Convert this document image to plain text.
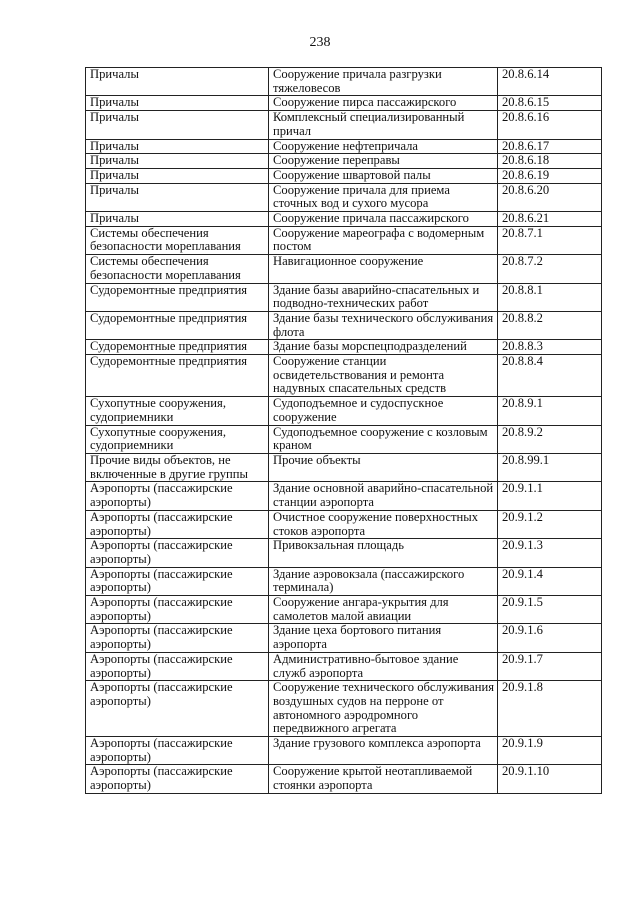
238
Причалы	Сооружение причала разгрузки тяжеловесов	20.8.6.14
Причалы	Сооружение пирса пассажирского	20.8.6.15
Причалы	Комплексный специализированный причал	20.8.6.16
Причалы	Сооружение нефтепричала	20.8.6.17
Причалы	Сооружение переправы	20.8.6.18
Причалы	Сооружение швартовой палы	20.8.6.19
Причалы	Сооружение причала для приема сточных вод и сухого мусора	20.8.6.20
Причалы	Сооружение причала пассажирского	20.8.6.21
Системы обеспечения безопасности мореплавания	Сооружение мареографа с водомерным постом	20.8.7.1
Системы обеспечения безопасности мореплавания	Навигационное сооружение	20.8.7.2
Судоремонтные предприятия	Здание базы аварийно-спасательных и подводно-технических работ	20.8.8.1
Судоремонтные предприятия	Здание базы технического обслуживания флота	20.8.8.2
Судоремонтные предприятия	Здание базы морспецподразделений	20.8.8.3
Судоремонтные предприятия	Сооружение станции освидетельствования и ремонта надувных спасательных средств	20.8.8.4
Сухопутные сооружения, судоприемники	Судоподъемное и судоспускное сооружение	20.8.9.1
Сухопутные сооружения, судоприемники	Судоподъемное сооружение с козловым краном	20.8.9.2
Прочие виды объектов, не включенные в другие группы	Прочие объекты	20.8.99.1
Аэропорты (пассажирские аэропорты)	Здание основной аварийно-спасательной станции аэропорта	20.9.1.1
Аэропорты (пассажирские аэропорты)	Очистное сооружение поверхностных стоков аэропорта	20.9.1.2
Аэропорты (пассажирские аэропорты)	Привокзальная площадь	20.9.1.3
Аэропорты (пассажирские аэропорты)	Здание аэровокзала (пассажирского терминала)	20.9.1.4
Аэропорты (пассажирские аэропорты)	Сооружение ангара-укрытия для самолетов малой авиации	20.9.1.5
Аэропорты (пассажирские аэропорты)	Здание цеха бортового питания аэропорта	20.9.1.6
Аэропорты (пассажирские аэропорты)	Административно-бытовое здание служб аэропорта	20.9.1.7
Аэропорты (пассажирские аэропорты)	Сооружение технического обслуживания воздушных судов на перроне от автономного аэродромного передвижного агрегата	20.9.1.8
Аэропорты (пассажирские аэропорты)	Здание грузового комплекса аэропорта	20.9.1.9
Аэропорты (пассажирские аэропорты)	Сооружение крытой неотапливаемой стоянки аэропорта	20.9.1.10
